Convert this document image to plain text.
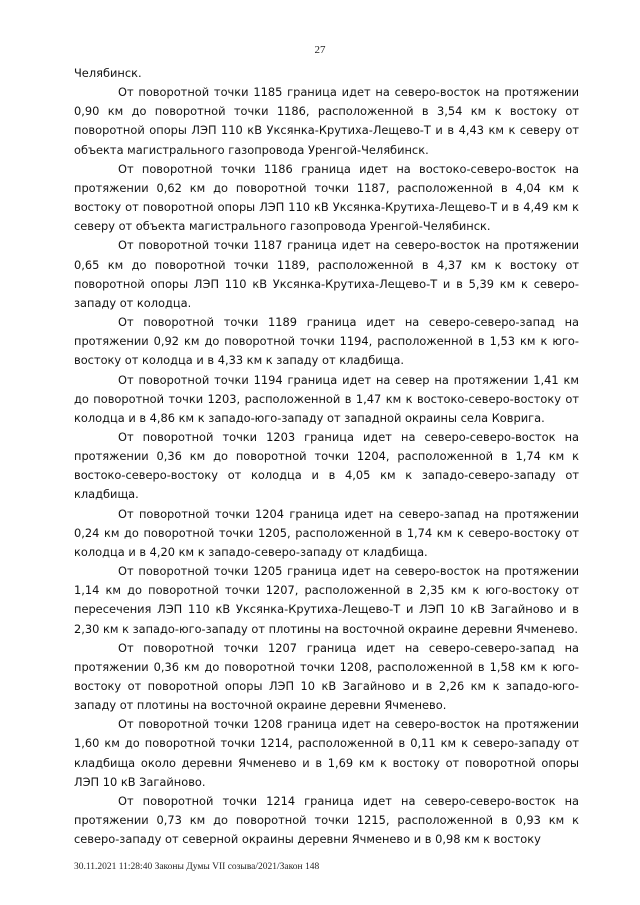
27

Челябинск.

От поворотной точки 1185 граница идет на северо-восток на протяжении 0,90 км до поворотной точки 1186, расположенной в 3,54 км к востоку от поворотной опоры ЛЭП 110 кВ Уксянка-Крутиха-Лещево-Т и в 4,43 км к северу от объекта магистрального газопровода Уренгой-Челябинск.

От поворотной точки 1186 граница идет на востоко-северо-восток на протяжении 0,62 км до поворотной точки 1187, расположенной в 4,04 км к востоку от поворотной опоры ЛЭП 110 кВ Уксянка-Крутиха-Лещево-Т и в 4,49 км к северу от объекта магистрального газопровода Уренгой-Челябинск.

От поворотной точки 1187 граница идет на северо-восток на протяжении 0,65 км до поворотной точки 1189, расположенной в 4,37 км к востоку от поворотной опоры ЛЭП 110 кВ Уксянка-Крутиха-Лещево-Т и в 5,39 км к северо-западу от колодца.

От поворотной точки 1189 граница идет на северо-северо-запад на протяжении 0,92 км до поворотной точки 1194, расположенной в 1,53 км к юго-востоку от колодца и в 4,33 км к западу от кладбища.

От поворотной точки 1194 граница идет на север на протяжении 1,41 км до поворотной точки 1203, расположенной в 1,47 км к востоко-северо-востоку от колодца и в 4,86 км к западо-юго-западу от западной окраины села Коврига.

От поворотной точки 1203 граница идет на северо-северо-восток на протяжении 0,36 км до поворотной точки 1204, расположенной в 1,74 км к востоко-северо-востоку от колодца и в 4,05 км к западо-северо-западу от кладбища.

От поворотной точки 1204 граница идет на северо-запад на протяжении 0,24 км до поворотной точки 1205, расположенной в 1,74 км к северо-востоку от колодца и в 4,20 км к западо-северо-западу от кладбища.

От поворотной точки 1205 граница идет на северо-восток на протяжении 1,14 км до поворотной точки 1207, расположенной в 2,35 км к юго-востоку от пересечения ЛЭП 110 кВ Уксянка-Крутиха-Лещево-Т и ЛЭП 10 кВ Загайново и в 2,30 км к западо-юго-западу от плотины на восточной окраине деревни Ячменево.

От поворотной точки 1207 граница идет на северо-северо-запад на протяжении 0,36 км до поворотной точки 1208, расположенной в 1,58 км к юго-востоку от поворотной опоры ЛЭП 10 кВ Загайново и в 2,26 км к западо-юго-западу от плотины на восточной окраине деревни Ячменево.

От поворотной точки 1208 граница идет на северо-восток на протяжении 1,60 км до поворотной точки 1214, расположенной в 0,11 км к северо-западу от кладбища около деревни Ячменево и в 1,69 км к востоку от поворотной опоры ЛЭП 10 кВ Загайново.

От поворотной точки 1214 граница идет на северо-северо-восток на протяжении 0,73 км до поворотной точки 1215, расположенной в 0,93 км к северо-западу от северной окраины деревни Ячменево и в 0,98 км к востоку

30.11.2021 11:28:40 Законы Думы VII созыва/2021/Закон 148
